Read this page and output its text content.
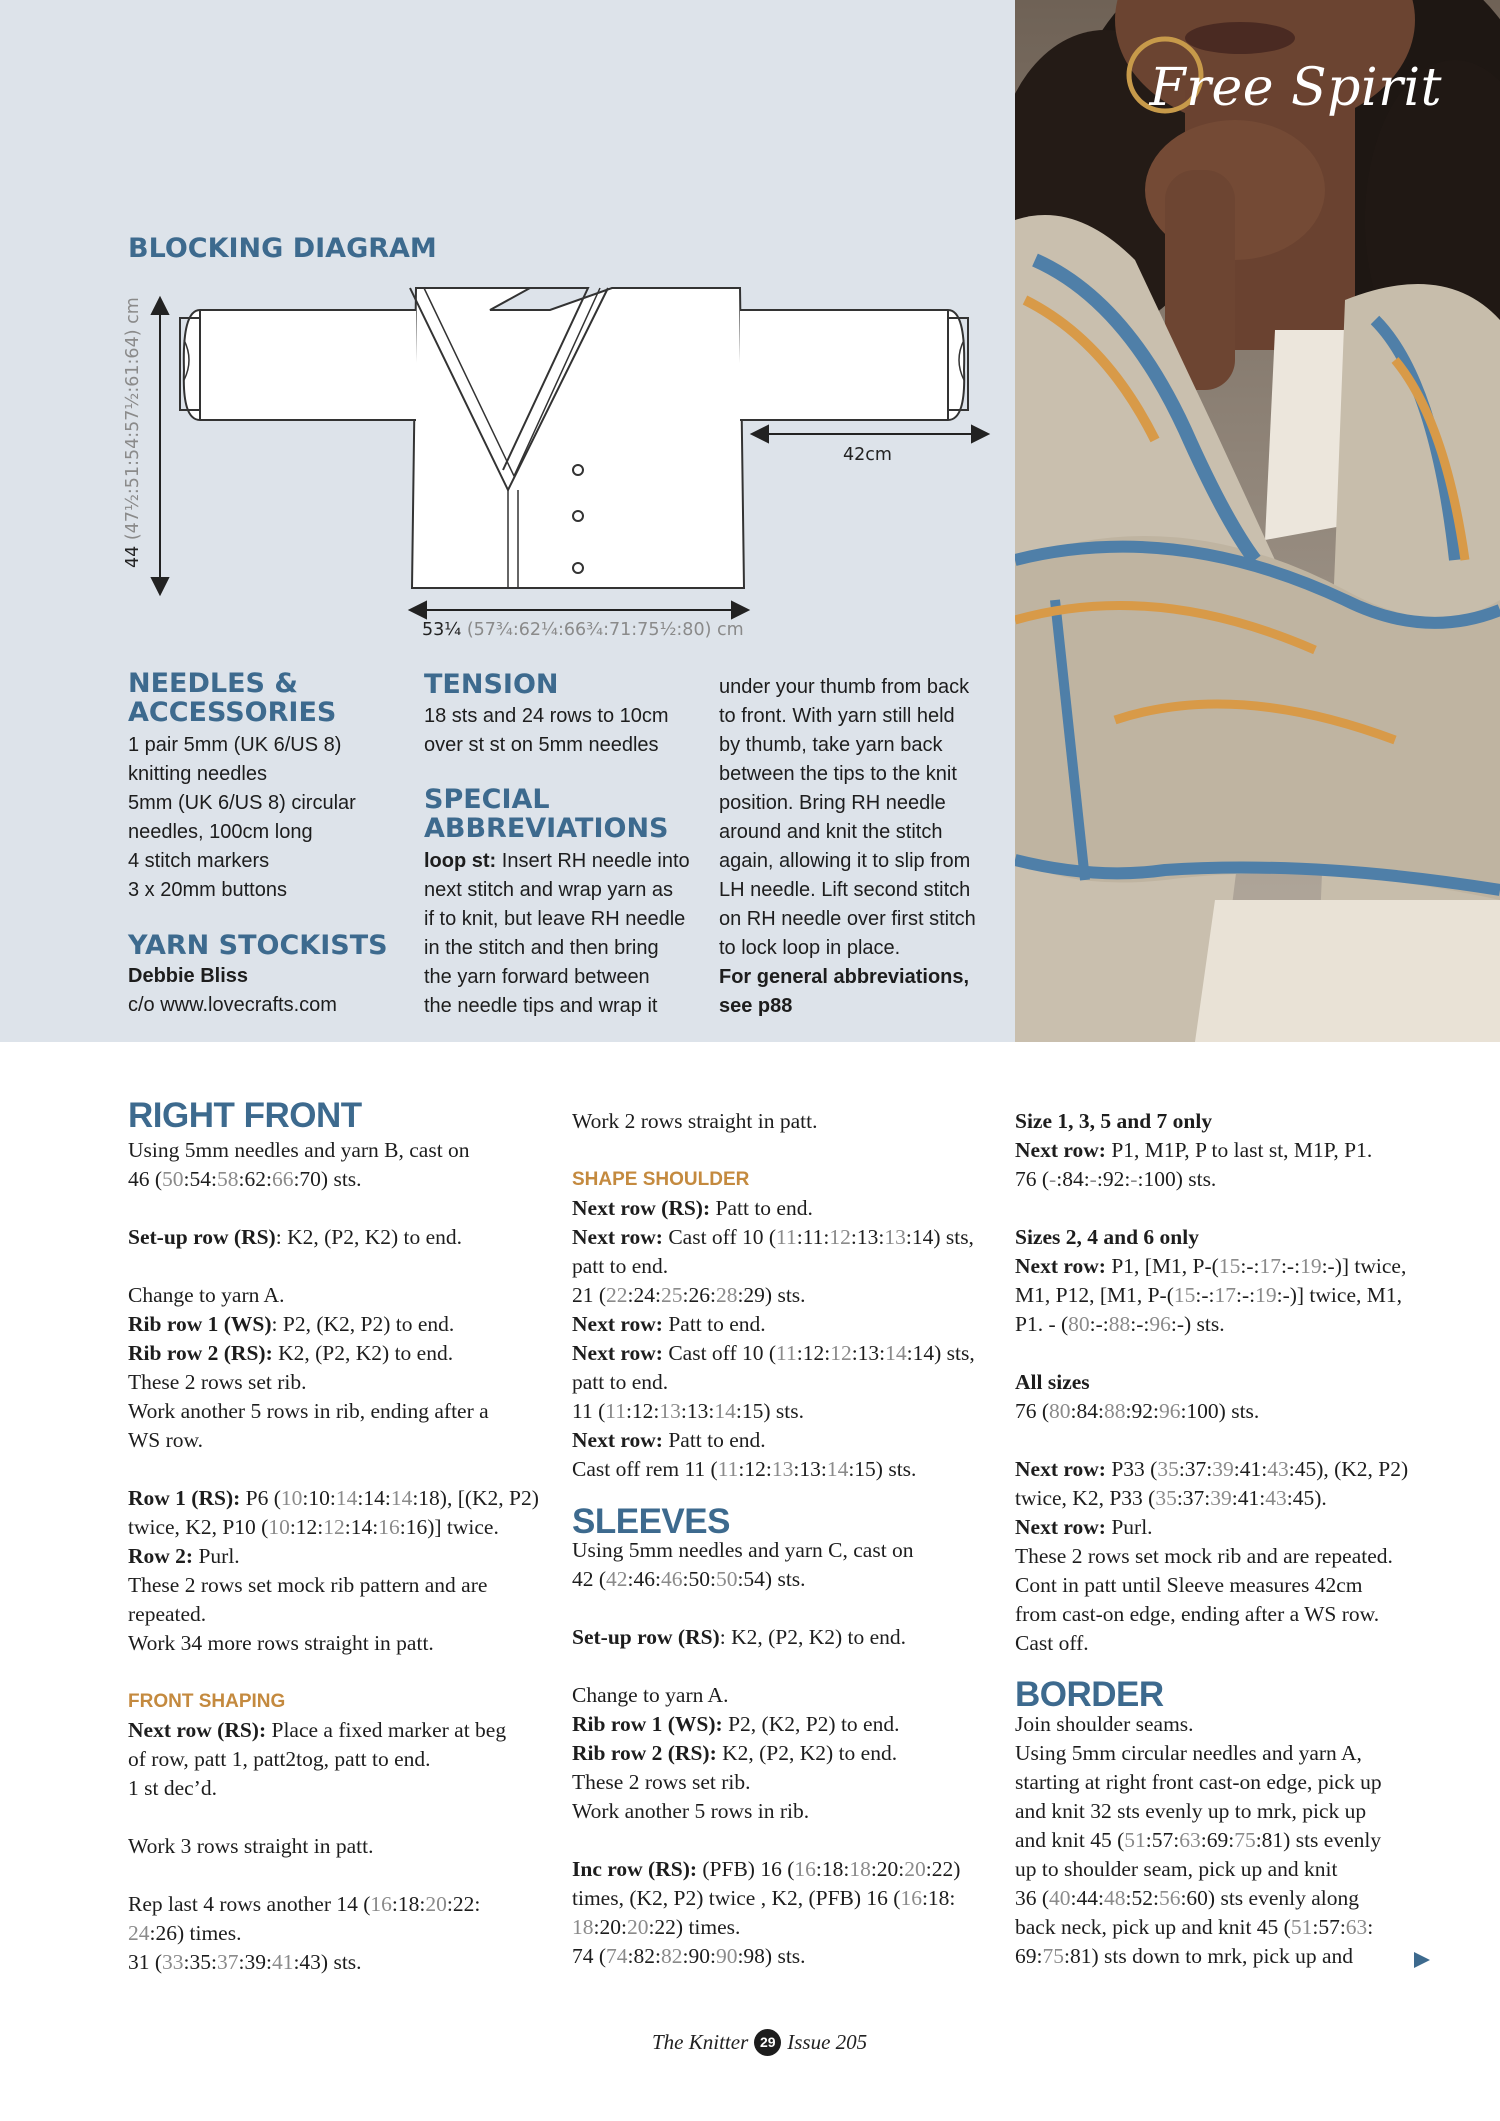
Free Spirit
BLOCKING DIAGRAM
44 (47½:51:54:57½:61:64) cm
53¼ (57¾:62¼:66¾:71:75½:80) cm
42cm
NEEDLES &
ACCESSORIES
1 pair 5mm (UK 6/US 8)
knitting needles
5mm (UK 6/US 8) circular
needles, 100cm long
4 stitch markers
3 x 20mm buttons
YARN STOCKISTS
Debbie Bliss
c/o www.lovecrafts.com
TENSION
18 sts and 24 rows to 10cm
over st st on 5mm needles
SPECIAL
ABBREVIATIONS
loop st: Insert RH needle into
next stitch and wrap yarn as
if to knit, but leave RH needle
in the stitch and then bring
the yarn forward between
the needle tips and wrap it
under your thumb from back
to front. With yarn still held
by thumb, take yarn back
between the tips to the knit
position. Bring RH needle
around and knit the stitch
again, allowing it to slip from
LH needle. Lift second stitch
on RH needle over first stitch
to lock loop in place.
For general abbreviations,
see p88
RIGHT FRONT

Using 5mm needles and yarn B, cast on

46 (50:54:58:62:66:70) sts.

Set-up row (RS): K2, (P2, K2) to end.

Change to yarn A.

Rib row 1 (WS): P2, (K2, P2) to end.

Rib row 2 (RS): K2, (P2, K2) to end.

These 2 rows set rib.

Work another 5 rows in rib, ending after a

WS row.

Row 1 (RS): P6 (10:10:14:14:14:18), [(K2, P2)

twice, K2, P10 (10:12:12:14:16:16)] twice.

Row 2: Purl.

These 2 rows set mock rib pattern and are

repeated.

Work 34 more rows straight in patt.

FRONT SHAPING

Next row (RS): Place a fixed marker at beg

of row, patt 1, patt2tog, patt to end.

1 st dec’d.

Work 3 rows straight in patt.

Rep last 4 rows another 14 (16:18:20:22:

24:26) times.

31 (33:35:37:39:41:43) sts.

Work 2 rows straight in patt.

SHAPE SHOULDER

Next row (RS): Patt to end.

Next row: Cast off 10 (11:11:12:13:13:14) sts,

patt to end.

21 (22:24:25:26:28:29) sts.

Next row: Patt to end.

Next row: Cast off 10 (11:12:12:13:14:14) sts,

patt to end.

11 (11:12:13:13:14:15) sts.

Next row: Patt to end.

Cast off rem 11 (11:12:13:13:14:15) sts.

Using 5mm needles and yarn C, cast on

42 (42:46:46:50:50:54) sts.

Set-up row (RS): K2, (P2, K2) to end.

Change to yarn A.

Rib row 1 (WS): P2, (K2, P2) to end.

Rib row 2 (RS): K2, (P2, K2) to end.

These 2 rows set rib.

Work another 5 rows in rib.

Inc row (RS): (PFB) 16 (16:18:18:20:20:22)

times, (K2, P2) twice , K2, (PFB) 16 (16:18:

18:20:20:22) times.

74 (74:82:82:90:90:98) sts.

SLEEVES

Size 1, 3, 5 and 7 only

Next row: P1, M1P, P to last st, M1P, P1.

76 (-:84:-:92:-:100) sts.

Sizes 2, 4 and 6 only

Next row: P1, [M1, P-(15:-:17:-:19:-)] twice,

M1, P12, [M1, P-(15:-:17:-:19:-)] twice, M1,

P1. - (80:-:88:-:96:-) sts.

All sizes

76 (80:84:88:92:96:100) sts.

Next row: P33 (35:37:39:41:43:45), (K2, P2)

twice, K2, P33 (35:37:39:41:43:45).

Next row: Purl.

These 2 rows set mock rib and are repeated.

Cont in patt until Sleeve measures 42cm

from cast-on edge, ending after a WS row.

Cast off.

Join shoulder seams.

Using 5mm circular needles and yarn A,

starting at right front cast-on edge, pick up

and knit 32 sts evenly up to mrk, pick up

and knit 45 (51:57:63:69:75:81) sts evenly

up to shoulder seam, pick up and knit

36 (40:44:48:52:56:60) sts evenly along

back neck, pick up and knit 45 (51:57:63:

69:75:81) sts down to mrk, pick up and

BORDER
The Knitter 29 Issue 205
